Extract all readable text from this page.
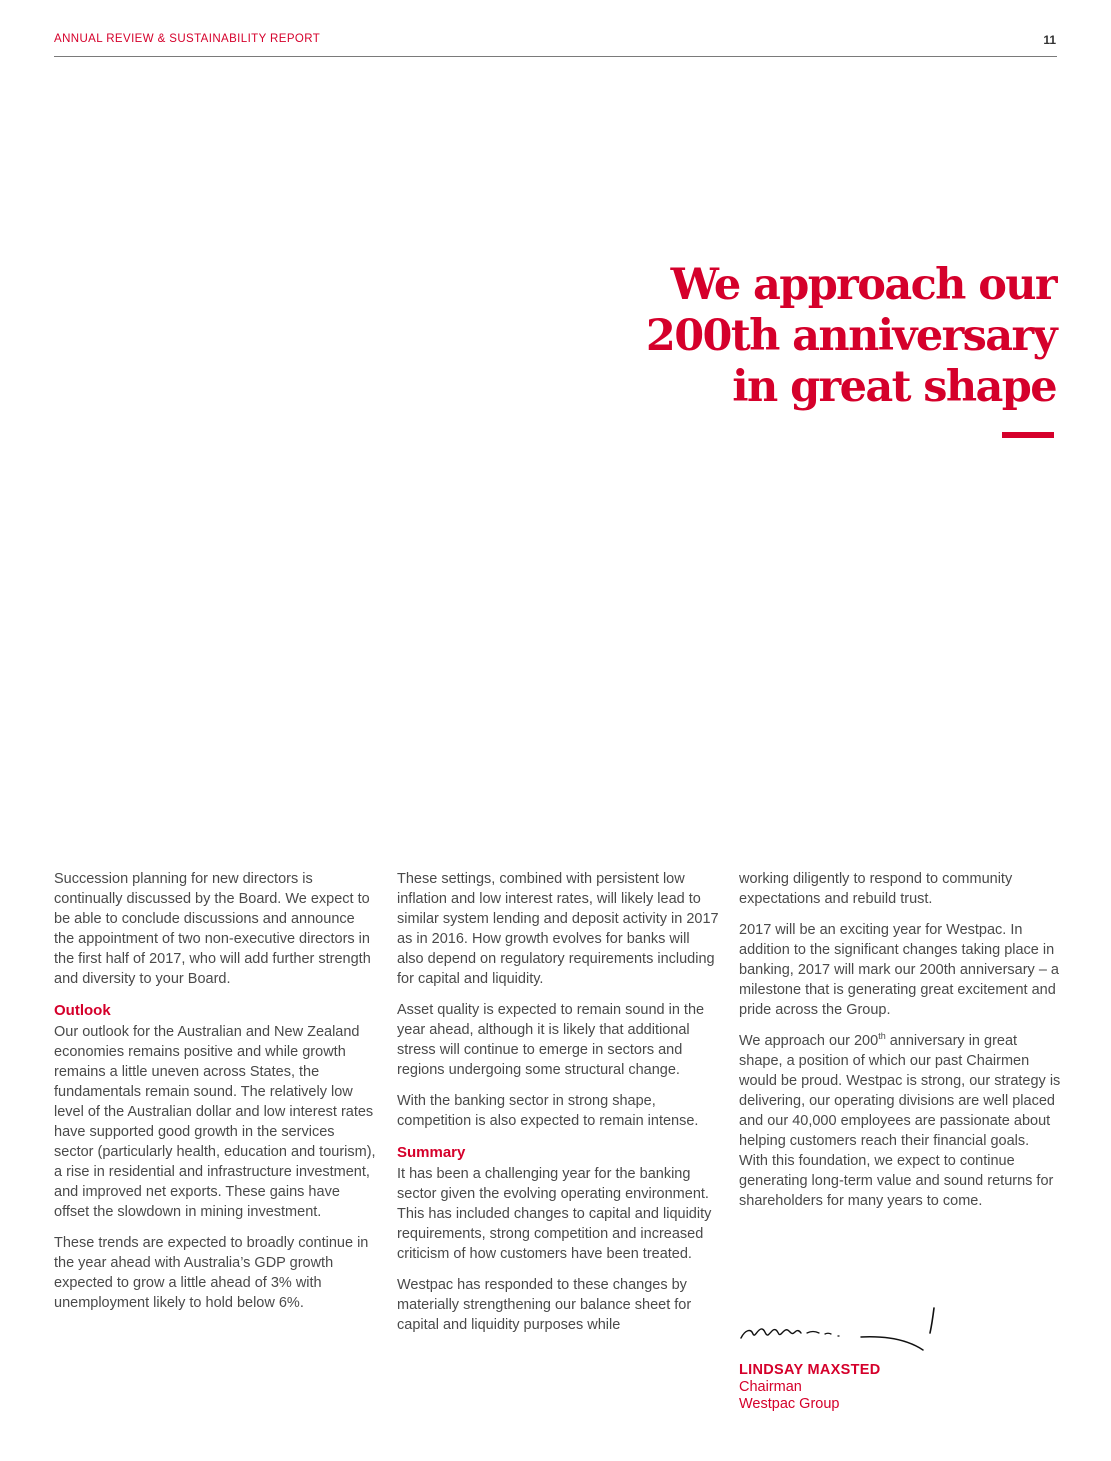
ANNUAL REVIEW & SUSTAINABILITY REPORT	11
We approach our
200th anniversary
in great shape

Succession planning for new directors is continually discussed by the Board. We expect to be able to conclude discussions and announce the appointment of two non-executive directors in the first half of 2017, who will add further strength and diversity to your Board.

Outlook

Our outlook for the Australian and New Zealand economies remains positive and while growth remains a little uneven across States, the fundamentals remain sound. The relatively low level of the Australian dollar and low interest rates have supported good growth in the services sector (particularly health, education and tourism), a rise in residential and infrastructure investment, and improved net exports. These gains have offset the slowdown in mining investment.

These trends are expected to broadly continue in the year ahead with Australia’s GDP growth expected to grow a little ahead of 3% with unemployment likely to hold below 6%.

These settings, combined with persistent low inflation and low interest rates, will likely lead to similar system lending and deposit activity in 2017 as in 2016. How growth evolves for banks will also depend on regulatory requirements including for capital and liquidity.

Asset quality is expected to remain sound in the year ahead, although it is likely that additional stress will continue to emerge in sectors and regions undergoing some structural change.

With the banking sector in strong shape, competition is also expected to remain intense.

Summary

It has been a challenging year for the banking sector given the evolving operating environment. This has included changes to capital and liquidity requirements, strong competition and increased criticism of how customers have been treated.

Westpac has responded to these changes by materially strengthening our balance sheet for capital and liquidity purposes while

working diligently to respond to community expectations and rebuild trust.

2017 will be an exciting year for Westpac. In addition to the significant changes taking place in banking, 2017 will mark our 200th anniversary – a milestone that is generating great excitement and pride across the Group.

We approach our 200th anniversary in great shape, a position of which our past Chairmen would be proud. Westpac is strong, our strategy is delivering, our operating divisions are well placed and our 40,000 employees are passionate about helping customers reach their financial goals. With this foundation, we expect to continue generating long-term value and sound returns for shareholders for many years to come.

LINDSAY MAXSTED
Chairman
Westpac Group
